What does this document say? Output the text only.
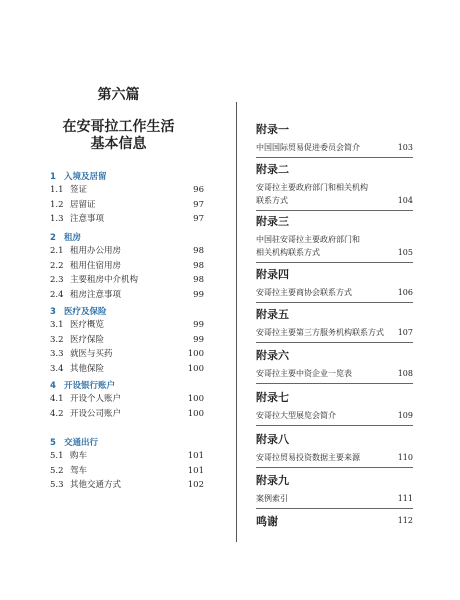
第六篇
在安哥拉工作生活
基本信息
1 入境及居留
1.1 签证	96
1.2 居留证	97
1.3 注意事项	97
2 租房
2.1 租用办公用房	98
2.2 租用住宿用房	98
2.3 主要租房中介机构	98
2.4 租房注意事项	99
3 医疗及保险
3.1 医疗概览	99
3.2 医疗保险	99
3.3 就医与买药	100
3.4 其他保险	100
4 开设银行账户
4.1 开设个人账户	100
4.2 开设公司账户	100
5 交通出行
5.1 购车	101
5.2 驾车	101
5.3 其他交通方式	102
附录一
中国国际贸易促进委员会简介	103
附录二
安哥拉主要政府部门和相关机构
联系方式	104
附录三
中国驻安哥拉主要政府部门和
相关机构联系方式	105
附录四
安哥拉主要商协会联系方式	106
附录五
安哥拉主要第三方服务机构联系方式	107
附录六
安哥拉主要中资企业一览表	108
附录七
安哥拉大型展览会简介	109
附录八
安哥拉贸易投资数据主要来源	110
附录九
案例索引	111
鸣谢	112
